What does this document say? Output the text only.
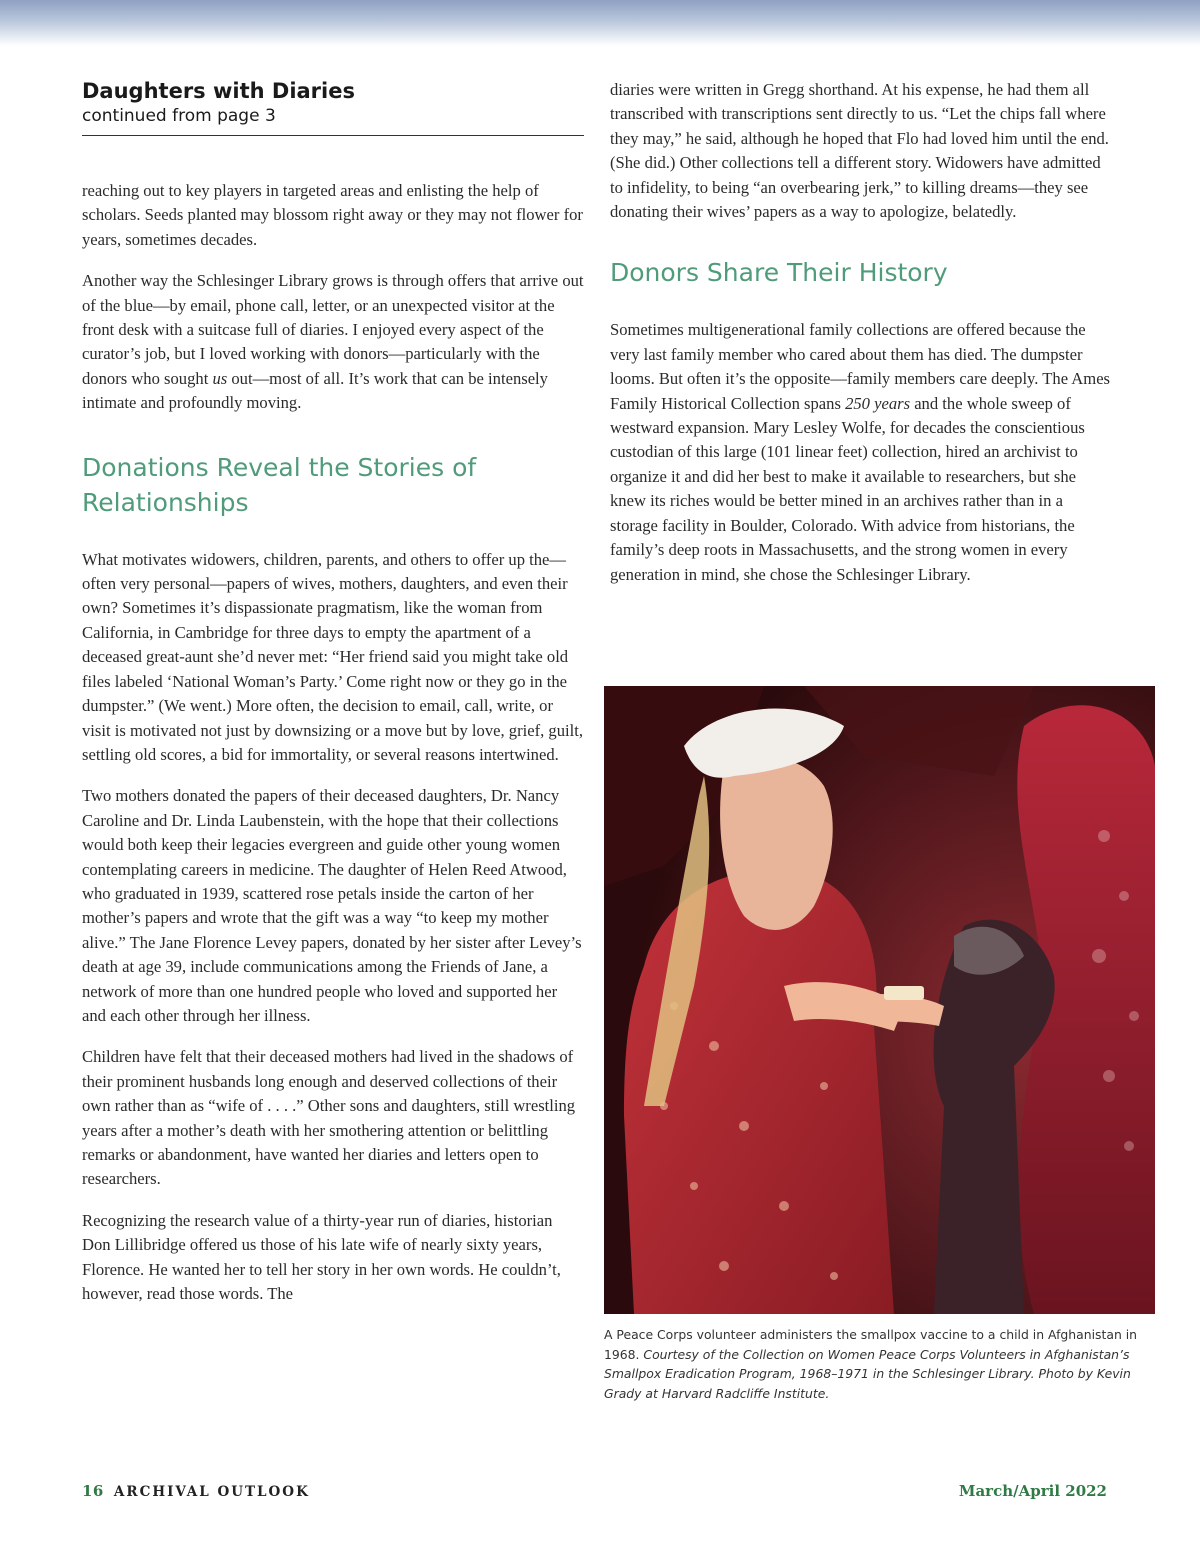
Daughters with Diaries
continued from page 3

reaching out to key players in targeted areas and enlisting the help of scholars. Seeds planted may blossom right away or they may not flower for years, sometimes decades.

Another way the Schlesinger Library grows is through offers that arrive out of the blue—by email, phone call, letter, or an unexpected visitor at the front desk with a suitcase full of diaries. I enjoyed every aspect of the curator’s job, but I loved working with donors—particularly with the donors who sought us out—most of all. It’s work that can be intensely intimate and profoundly moving.

Donations Reveal the Stories of Relationships

What motivates widowers, children, parents, and others to offer up the—often very personal—papers of wives, mothers, daughters, and even their own? Sometimes it’s dispassionate pragmatism, like the woman from California, in Cambridge for three days to empty the apartment of a deceased great-aunt she’d never met: “Her friend said you might take old files labeled ‘National Woman’s Party.’ Come right now or they go in the dumpster.” (We went.) More often, the decision to email, call, write, or visit is motivated not just by downsizing or a move but by love, grief, guilt, settling old scores, a bid for immortality, or several reasons intertwined.

Two mothers donated the papers of their deceased daughters, Dr. Nancy Caroline and Dr. Linda Laubenstein, with the hope that their collections would both keep their legacies evergreen and guide other young women contemplating careers in medicine. The daughter of Helen Reed Atwood, who graduated in 1939, scattered rose petals inside the carton of her mother’s papers and wrote that the gift was a way “to keep my mother alive.” The Jane Florence Levey papers, donated by her sister after Levey’s death at age 39, include communications among the Friends of Jane, a network of more than one hundred people who loved and supported her and each other through her illness.

Children have felt that their deceased mothers had lived in the shadows of their prominent husbands long enough and deserved collections of their own rather than as “wife of . . . .” Other sons and daughters, still wrestling years after a mother’s death with her smothering attention or belittling remarks or abandonment, have wanted her diaries and letters open to researchers.

Recognizing the research value of a thirty-year run of diaries, historian Don Lillibridge offered us those of his late wife of nearly sixty years, Florence. He wanted her to tell her story in her own words. He couldn’t, however, read those words. The

diaries were written in Gregg shorthand. At his expense, he had them all transcribed with transcriptions sent directly to us. “Let the chips fall where they may,” he said, although he hoped that Flo had loved him until the end. (She did.) Other collections tell a different story. Widowers have admitted to infidelity, to being “an overbearing jerk,” to killing dreams—they see donating their wives’ papers as a way to apologize, belatedly.

Donors Share Their History

Sometimes multigenerational family collections are offered because the very last family member who cared about them has died. The dumpster looms. But often it’s the opposite—family members care deeply. The Ames Family Historical Collection spans 250 years and the whole sweep of westward expansion. Mary Lesley Wolfe, for decades the conscientious custodian of this large (101 linear feet) collection, hired an archivist to organize it and did her best to make it available to researchers, but she knew its riches would be better mined in an archives rather than in a storage facility in Boulder, Colorado. With advice from historians, the family’s deep roots in Massachusetts, and the strong women in every generation in mind, she chose the Schlesinger Library.

A Peace Corps volunteer administers the smallpox vaccine to a child in Afghanistan in 1968. Courtesy of the Collection on Women Peace Corps Volunteers in Afghanistan’s Smallpox Eradication Program, 1968–1971 in the Schlesinger Library. Photo by Kevin Grady at Harvard Radcliffe Institute.
16 ARCHIVAL OUTLOOK	March/April 2022
